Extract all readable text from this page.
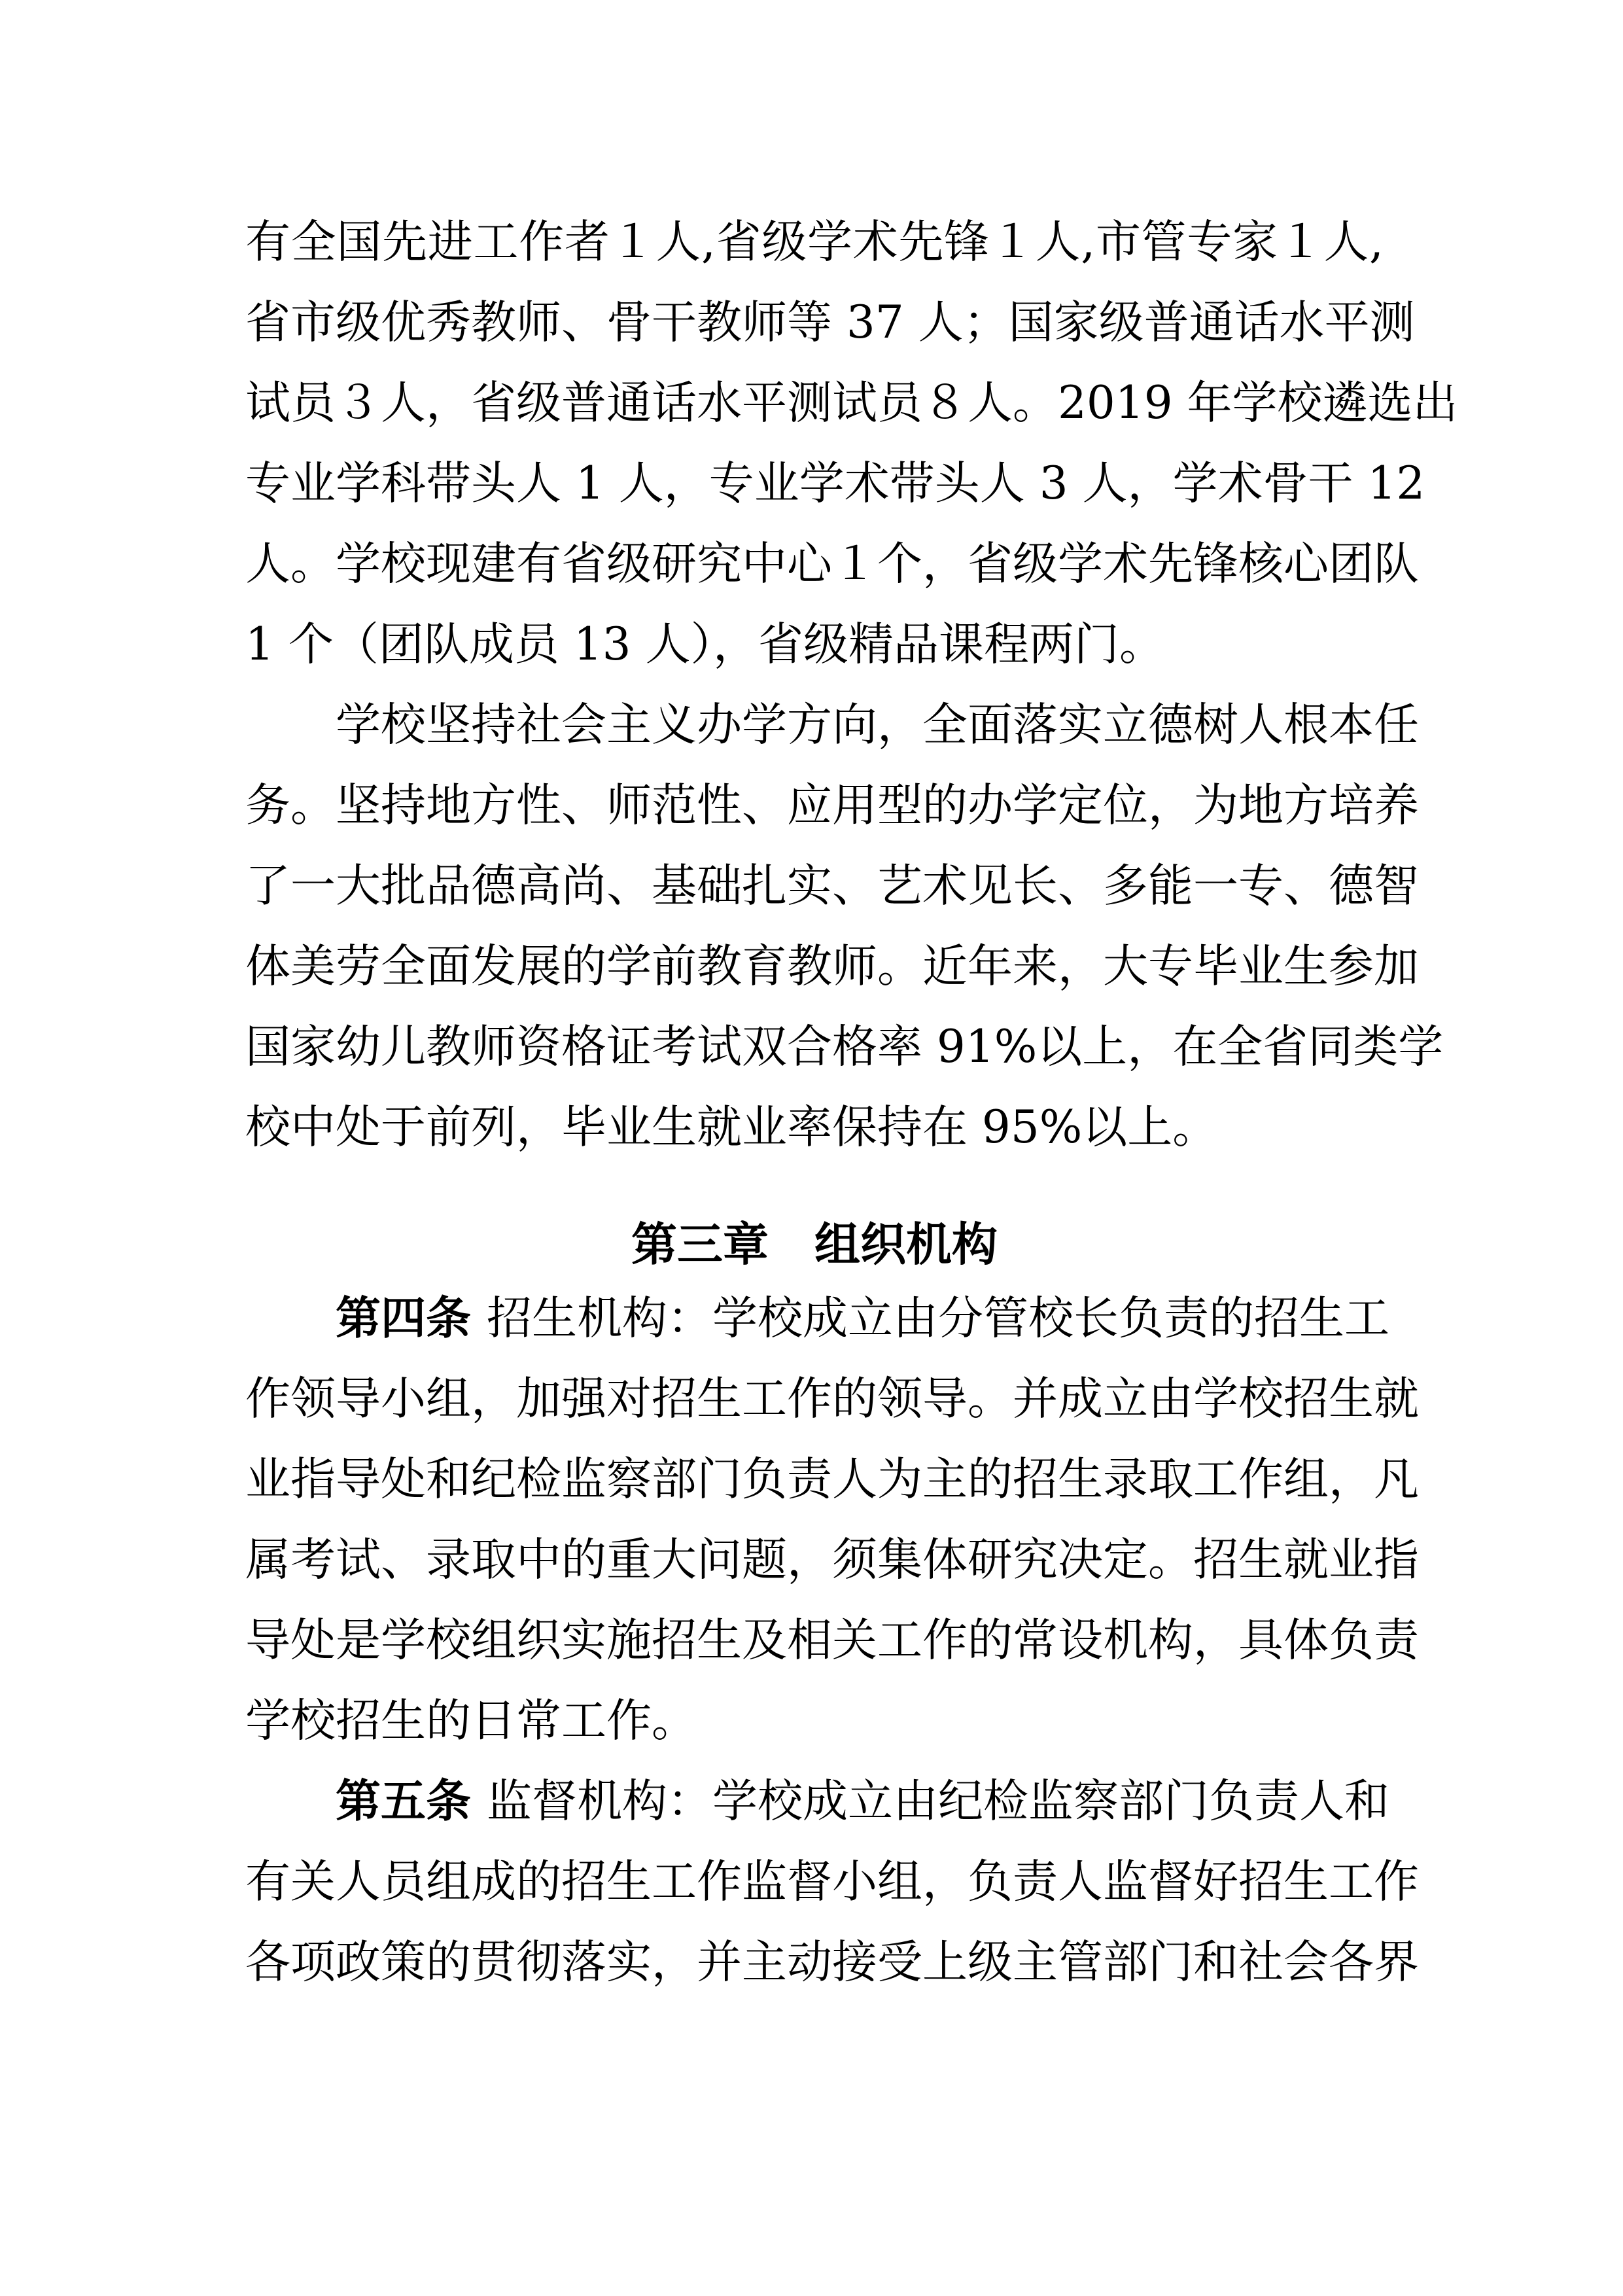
有全国先进工作者１人,省级学术先锋１人,市管专家１人,
省市级优秀教师、骨干教师等 37 人；国家级普通话水平测
试员３人，省级普通话水平测试员８人。2019 年学校遴选出
专业学科带头人 1 人，专业学术带头人 3 人，学术骨干 12
人。学校现建有省级研究中心１个，省级学术先锋核心团队
1 个（团队成员 13 人），省级精品课程两门。
学校坚持社会主义办学方向，全面落实立德树人根本任
务。坚持地方性、师范性、应用型的办学定位，为地方培养
了一大批品德高尚、基础扎实、艺术见长、多能一专、德智
体美劳全面发展的学前教育教师。近年来，大专毕业生参加
国家幼儿教师资格证考试双合格率 91%以上，在全省同类学
校中处于前列，毕业生就业率保持在 95%以上。
第三章 组织机构
第四条 招生机构：学校成立由分管校长负责的招生工
作领导小组，加强对招生工作的领导。并成立由学校招生就
业指导处和纪检监察部门负责人为主的招生录取工作组，凡
属考试、录取中的重大问题，须集体研究决定。招生就业指
导处是学校组织实施招生及相关工作的常设机构，具体负责
学校招生的日常工作。
第五条 监督机构：学校成立由纪检监察部门负责人和
有关人员组成的招生工作监督小组，负责人监督好招生工作
各项政策的贯彻落实，并主动接受上级主管部门和社会各界
